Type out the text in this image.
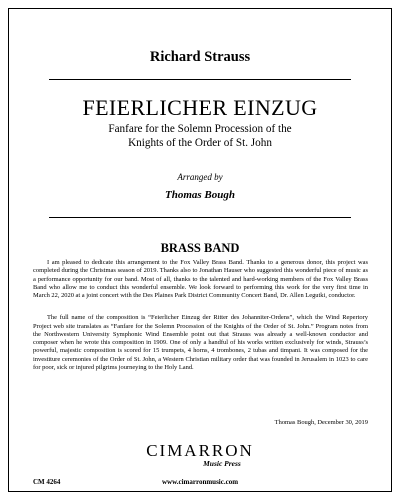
Richard Strauss
FEIERLICHER EINZUG
Fanfare for the Solemn Procession of the
Knights of the Order of St. John
Arranged by
Thomas Bough
BRASS BAND

I am pleased to dedicate this arrangement to the Fox Valley Brass Band. Thanks to a generous donor, this project was completed during the Christmas season of 2019. Thanks also to Jonathan Hauser who suggested this wonderful piece of music as a performance opportunity for our band. Most of all, thanks to the talented and hard-working members of the Fox Valley Brass Band who allow me to conduct this wonderful ensemble. We look forward to performing this work for the very first time in March 22, 2020 at a joint concert with the Des Plaines Park District Community Concert Band, Dr. Allen Legutki, conductor.

The full name of the composition is “Feierlicher Einzug der Ritter des Johanniter-Ordens”, which the Wind Repertory Project web site translates as “Fanfare for the Solemn Procession of the Knights of the Order of St. John.” Program notes from the Northwestern University Symphonic Wind Ensemble point out that Strauss was already a well-known conductor and composer when he wrote this composition in 1909. One of only a handful of his works written exclusively for winds, Strauss’s powerful, majestic composition is scored for 15 trumpets, 4 horns, 4 trombones, 2 tubas and timpani. It was composed for the investiture ceremonies of the Order of St. John, a Western Christian military order that was founded in Jerusalem in 1023 to care for poor, sick or injured pilgrims journeying to the Holy Land.

Thomas Bough, December 30, 2019
CIMARRON
Music Press
CM 4264	www.cimarronmusic.com
